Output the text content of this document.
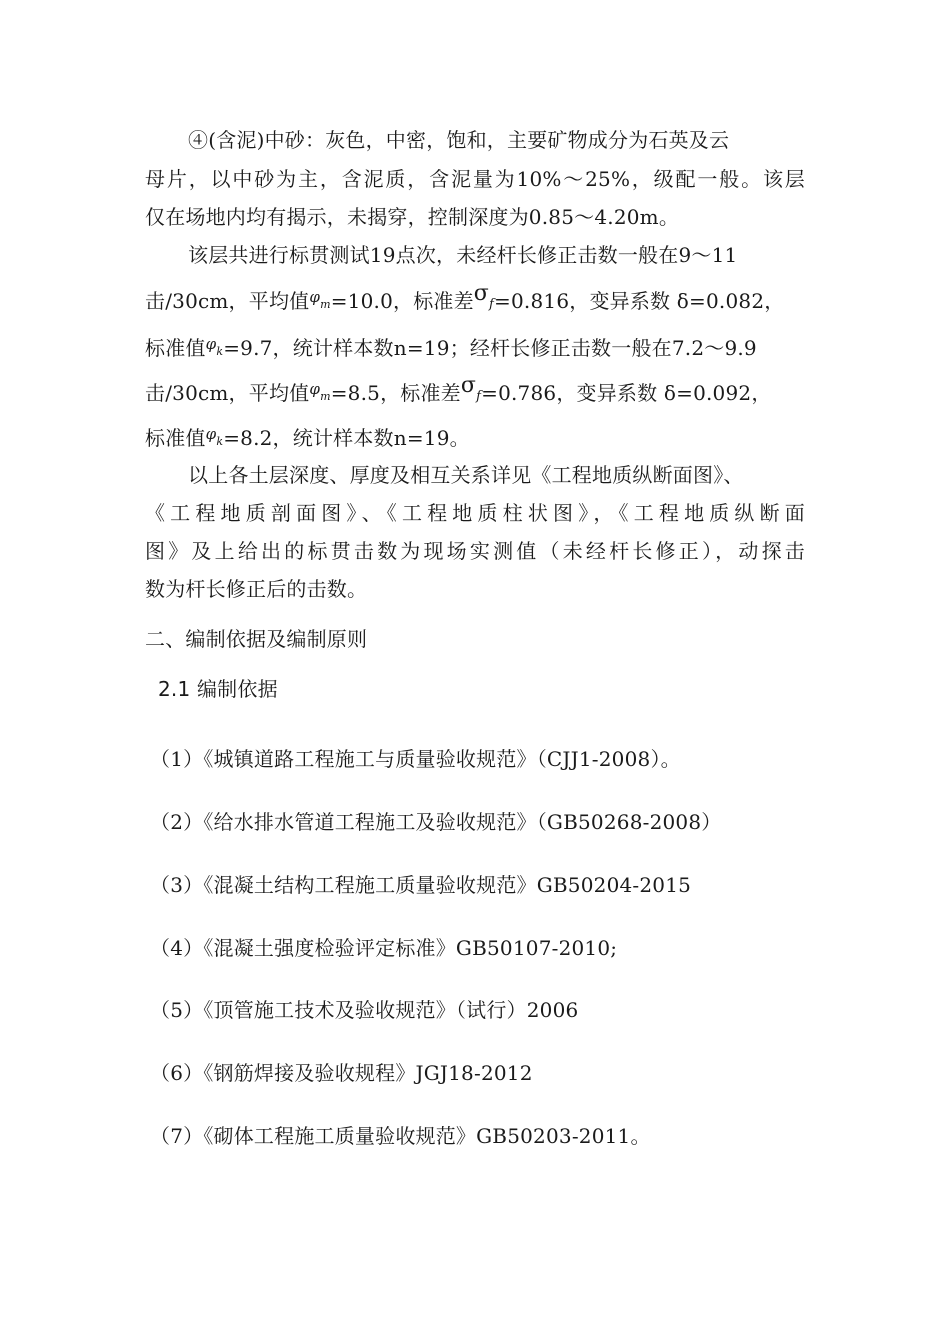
④(含泥)中砂：灰色，中密，饱和，主要矿物成分为石英及云
母片，以中砂为主，含泥质，含泥量为10%～25%，级配一般。该层
仅在场地内均有揭示，未揭穿，控制深度为0.85～4.20m。
该层共进行标贯测试19点次，未经杆长修正击数一般在9～11
击/30cm，平均值$^\varphi$m=10.0，标准差σf=0.816，变异系数 δ=0.082，
标准值$^\varphi$k=9.7，统计样本数n=19；经杆长修正击数一般在7.2～9.9
击/30cm，平均值$^\varphi$m=8.5，标准差σf=0.786，变异系数 δ=0.092，
标准值$^\varphi$k=8.2，统计样本数n=19。
以上各土层深度、厚度及相互关系详见《工程地质纵断面图》、
《工程地质剖面图》、《工程地质柱状图》，《工程地质纵断面
图》及上给出的标贯击数为现场实测值（未经杆长修正），动探击
数为杆长修正后的击数。
二、编制依据及编制原则
2.1 编制依据
（1）《城镇道路工程施工与质量验收规范》（CJJ1-2008）。
（2）《给水排水管道工程施工及验收规范》（GB50268-2008）
（3）《混凝土结构工程施工质量验收规范》GB50204-2015
（4）《混凝土强度检验评定标准》GB50107-2010;
（5）《顶管施工技术及验收规范》（试行）2006
（6）《钢筋焊接及验收规程》JGJ18-2012
（7）《砌体工程施工质量验收规范》GB50203-2011。
